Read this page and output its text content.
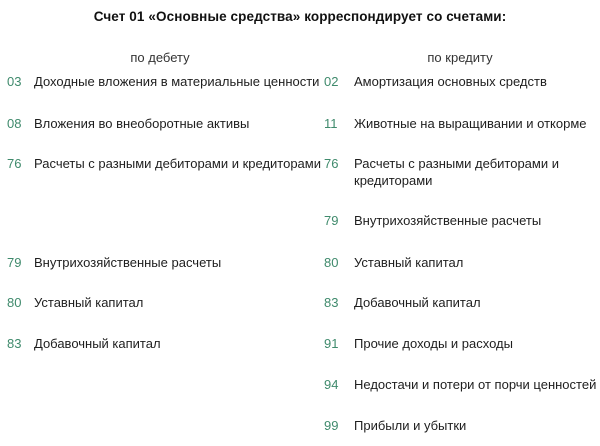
Счет 01 «Основные средства» корреспондирует со счетами:
по дебету	по кредиту
03 Доходные вложения в материальные ценности
08 Вложения во внеоборотные активы
76 Расчеты с разными дебиторами и кредиторами
79 Внутрихозяйственные расчеты
80 Уставный капитал
83 Добавочный капитал
02 Амортизация основных средств
11 Животные на выращивании и откорме
76 Расчеты с разными дебиторами и кредиторами
79 Внутрихозяйственные расчеты
80 Уставный капитал
83 Добавочный капитал
91 Прочие доходы и расходы
94 Недостачи и потери от порчи ценностей
99 Прибыли и убытки
